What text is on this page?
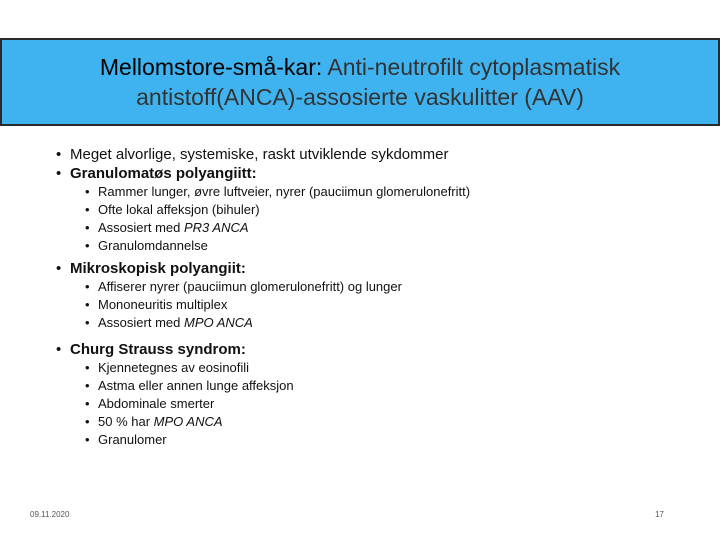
Mellomstore-små-kar: Anti-neutrofilt cytoplasmatisk
antistoff(ANCA)-assosierte vaskulitter (AAV)
• Meget alvorlige, systemiske, raskt utviklende sykdommer
• Granulomatøs polyangiitt:
• Rammer lunger, øvre luftveier, nyrer (pauciimun glomerulonefritt)
• Ofte lokal affeksjon (bihuler)
• Assosiert med PR3 ANCA
• Granulomdannelse
• Mikroskopisk polyangiit:
• Affiserer nyrer (pauciimun glomerulonefritt) og lunger
• Mononeuritis multiplex
• Assosiert med MPO ANCA
• Churg Strauss syndrom:
• Kjennetegnes av eosinofili
• Astma eller annen lunge affeksjon
• Abdominale smerter
• 50 % har MPO ANCA
• Granulomer
09.11.2020	17
